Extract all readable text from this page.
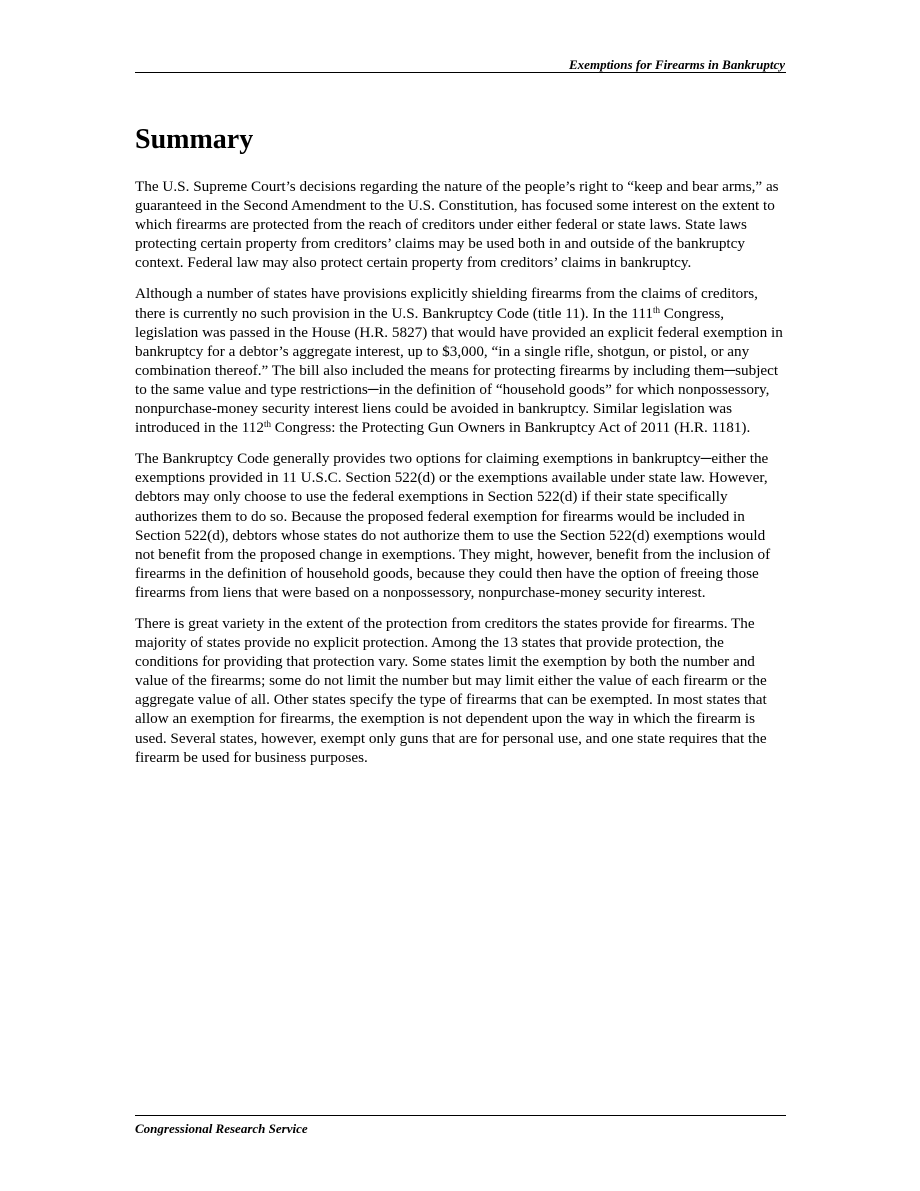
Exemptions for Firearms in Bankruptcy
Summary

The U.S. Supreme Court’s decisions regarding the nature of the people’s right to “keep and bear arms,” as guaranteed in the Second Amendment to the U.S. Constitution, has focused some interest on the extent to which firearms are protected from the reach of creditors under either federal or state laws. State laws protecting certain property from creditors’ claims may be used both in and outside of the bankruptcy context. Federal law may also protect certain property from creditors’ claims in bankruptcy.

Although a number of states have provisions explicitly shielding firearms from the claims of creditors, there is currently no such provision in the U.S. Bankruptcy Code (title 11). In the 111th Congress, legislation was passed in the House (H.R. 5827) that would have provided an explicit federal exemption in bankruptcy for a debtor’s aggregate interest, up to $3,000, “in a single rifle, shotgun, or pistol, or any combination thereof.” The bill also included the means for protecting firearms by including them─subject to the same value and type restrictions─in the definition of “household goods” for which nonpossessory, nonpurchase-money security interest liens could be avoided in bankruptcy. Similar legislation was introduced in the 112th Congress: the Protecting Gun Owners in Bankruptcy Act of 2011 (H.R. 1181).

The Bankruptcy Code generally provides two options for claiming exemptions in bankruptcy─either the exemptions provided in 11 U.S.C. Section 522(d) or the exemptions available under state law. However, debtors may only choose to use the federal exemptions in Section 522(d) if their state specifically authorizes them to do so. Because the proposed federal exemption for firearms would be included in Section 522(d), debtors whose states do not authorize them to use the Section 522(d) exemptions would not benefit from the proposed change in exemptions. They might, however, benefit from the inclusion of firearms in the definition of household goods, because they could then have the option of freeing those firearms from liens that were based on a nonpossessory, nonpurchase-money security interest.

There is great variety in the extent of the protection from creditors the states provide for firearms. The majority of states provide no explicit protection. Among the 13 states that provide protection, the conditions for providing that protection vary. Some states limit the exemption by both the number and value of the firearms; some do not limit the number but may limit either the value of each firearm or the aggregate value of all. Other states specify the type of firearms that can be exempted. In most states that allow an exemption for firearms, the exemption is not dependent upon the way in which the firearm is used. Several states, however, exempt only guns that are for personal use, and one state requires that the firearm be used for business purposes.

Congressional Research Service
